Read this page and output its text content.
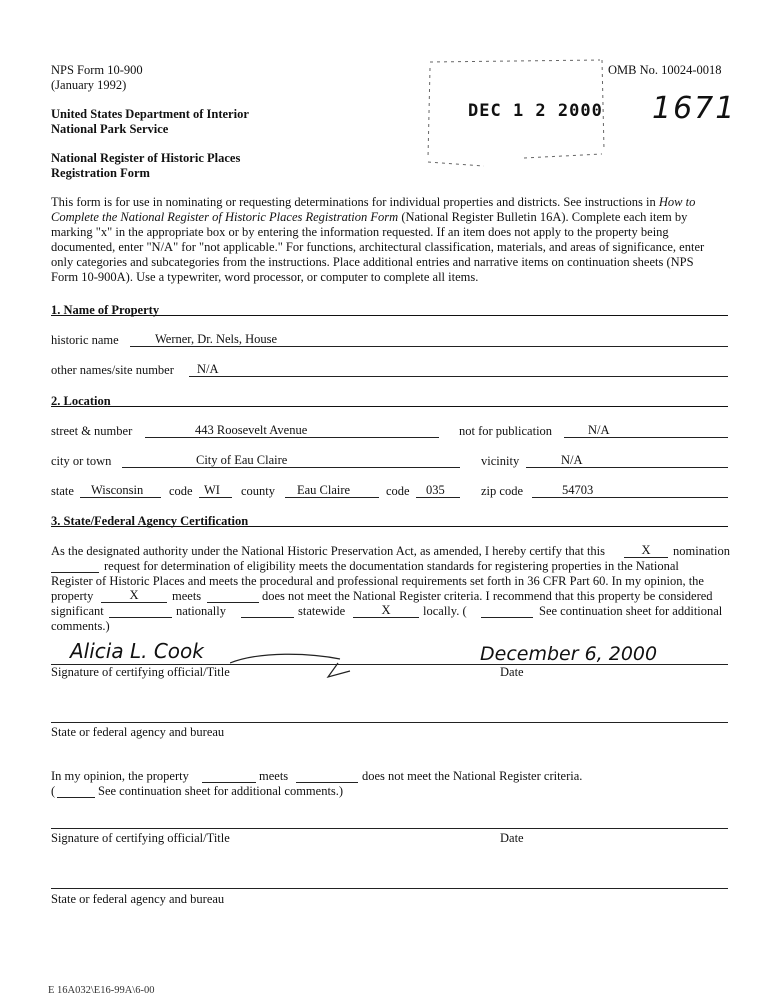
NPS Form 10-900
(January 1992)
OMB No. 10024-0018
United States Department of Interior
National Park Service
National Register of Historic Places
Registration Form
DEC 1 2 2000 1671
This form is for use in nominating or requesting determinations for individual properties and districts. See instructions in How to
Complete the National Register of Historic Places Registration Form (National Register Bulletin 16A). Complete each item by
marking "x" in the appropriate box or by entering the information requested. If an item does not apply to the property being
documented, enter "N/A" for "not applicable." For functions, architectural classification, materials, and areas of significance, enter
only categories and subcategories from the instructions. Place additional entries and narrative items on continuation sheets (NPS
Form 10-900A). Use a typewriter, word processor, or computer to complete all items.
1. Name of Property
historic name	Werner, Dr. Nels, House
other names/site number N/A
2. Location
street & number	443 Roosevelt Avenue	not for publication	N/A
city or town	City of Eau Claire	vicinity	N/A
state Wisconsin code WI county Eau Claire	code 035	zip code	54703
3. State/Federal Agency Certification
As the designated authority under the National Historic Preservation Act, as amended, I hereby certify that this	X	nomination
request for determination of eligibility meets the documentation standards for registering properties in the National
Register of Historic Places and meets the procedural and professional requirements set forth in 36 CFR Part 60. In my opinion, the
property	X	meets	does not meet the National Register criteria. I recommend that this property be considered
significant	nationally	statewide	X	locally. (	See continuation sheet for additional
comments.)
Alicia L. Cook	December 6, 2000
Signature of certifying official/Title	Date
State or federal agency and bureau
In my opinion, the property	meets	does not meet the National Register criteria.
(	See continuation sheet for additional comments.)
Signature of certifying official/Title	Date
State or federal agency and bureau
E 16A032\E16-99A\6-00
